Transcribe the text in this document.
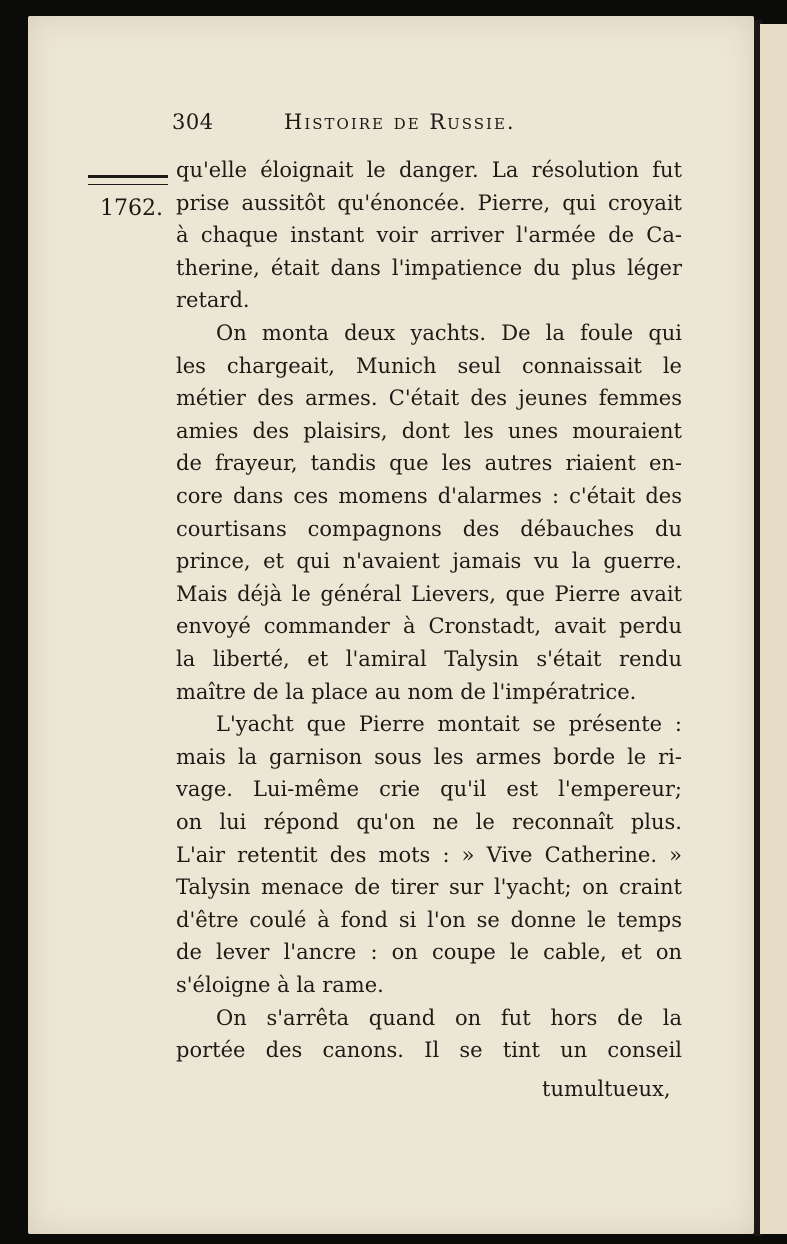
304	Histoire de Russie.
1762.
qu'elle éloignait le danger. La résolution fut
prise aussitôt qu'énoncée. Pierre, qui croyait
à chaque instant voir arriver l'armée de Ca-
therine, était dans l'impatience du plus léger
retard.
On monta deux yachts. De la foule qui
les chargeait, Munich seul connaissait le
métier des armes. C'était des jeunes femmes
amies des plaisirs, dont les unes mouraient
de frayeur, tandis que les autres riaient en-
core dans ces momens d'alarmes : c'était des
courtisans compagnons des débauches du
prince, et qui n'avaient jamais vu la guerre.
Mais déjà le général Lievers, que Pierre avait
envoyé commander à Cronstadt, avait perdu
la liberté, et l'amiral Talysin s'était rendu
maître de la place au nom de l'impératrice.
L'yacht que Pierre montait se présente :
mais la garnison sous les armes borde le ri-
vage. Lui-même crie qu'il est l'empereur;
on lui répond qu'on ne le reconnaît plus.
L'air retentit des mots : » Vive Catherine. »
Talysin menace de tirer sur l'yacht; on craint
d'être coulé à fond si l'on se donne le temps
de lever l'ancre : on coupe le cable, et on
s'éloigne à la rame.
On s'arrêta quand on fut hors de la
portée des canons. Il se tint un conseil
tumultueux,
